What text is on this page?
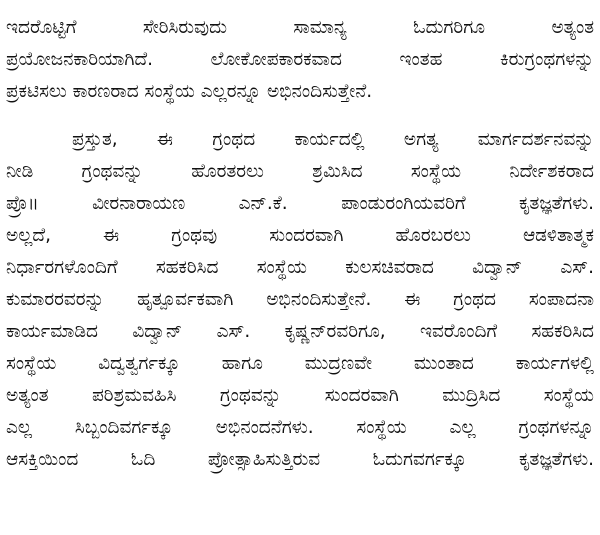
ಇದರೊಟ್ಟಿಗೆ ಸೇರಿಸಿರುವುದು ಸಾಮಾನ್ಯ ಓದುಗರಿಗೂ ಅತ್ಯಂತ
ಪ್ರಯೋಜನಕಾರಿಯಾಗಿದೆ. ಲೋಕೋಪಕಾರಕವಾದ ಇಂತಹ ಕಿರುಗ್ರಂಥಗಳನ್ನು
ಪ್ರಕಟಿಸಲು ಕಾರಣರಾದ ಸಂಸ್ಥೆಯ ಎಲ್ಲರನ್ನೂ ಅಭಿನಂದಿಸುತ್ತೇನೆ.
ಪ್ರಸ್ತುತ, ಈ ಗ್ರಂಥದ ಕಾರ್ಯದಲ್ಲಿ ಅಗತ್ಯ ಮಾರ್ಗದರ್ಶನವನ್ನು
ನೀಡಿ ಗ್ರಂಥವನ್ನು ಹೊರತರಲು ಶ್ರಮಿಸಿದ ಸಂಸ್ಥೆಯ ನಿರ್ದೇಶಕರಾದ
ಪ್ರೊ॥ ವೀರನಾರಾಯಣ ಎನ್.ಕೆ. ಪಾಂಡುರಂಗಿಯವರಿಗೆ ಕೃತಜ್ಞತೆಗಳು.
ಅಲ್ಲದೆ, ಈ ಗ್ರಂಥವು ಸುಂದರವಾಗಿ ಹೊರಬರಲು ಆಡಳಿತಾತ್ಮಕ
ನಿರ್ಧಾರಗಳೊಂದಿಗೆ ಸಹಕರಿಸಿದ ಸಂಸ್ಥೆಯ ಕುಲಸಚಿವರಾದ ವಿದ್ವಾನ್ ಎಸ್.
ಕುಮಾರರವರನ್ನು ಹೃತ್ಪೂರ್ವಕವಾಗಿ ಅಭಿನಂದಿಸುತ್ತೇನೆ. ಈ ಗ್ರಂಥದ ಸಂಪಾದನಾ
ಕಾರ್ಯಮಾಡಿದ ವಿದ್ವಾನ್ ಎಸ್. ಕೃಷ್ಣನ್‌ರವರಿಗೂ, ಇವರೊಂದಿಗೆ ಸಹಕರಿಸಿದ
ಸಂಸ್ಥೆಯ ವಿದ್ವತ್ವರ್ಗಕ್ಕೂ ಹಾಗೂ ಮುದ್ರಣವೇ ಮುಂತಾದ ಕಾರ್ಯಗಳಲ್ಲಿ
ಅತ್ಯಂತ ಪರಿಶ್ರಮವಹಿಸಿ ಗ್ರಂಥವನ್ನು ಸುಂದರವಾಗಿ ಮುದ್ರಿಸಿದ ಸಂಸ್ಥೆಯ
ಎಲ್ಲ ಸಿಬ್ಬಂದಿವರ್ಗಕ್ಕೂ ಅಭಿನಂದನೆಗಳು. ಸಂಸ್ಥೆಯ ಎಲ್ಲ ಗ್ರಂಥಗಳನ್ನೂ
ಆಸಕ್ತಿಯಿಂದ ಓದಿ ಪ್ರೋತ್ಸಾಹಿಸುತ್ತಿರುವ ಓದುಗವರ್ಗಕ್ಕೂ ಕೃತಜ್ಞತೆಗಳು.
